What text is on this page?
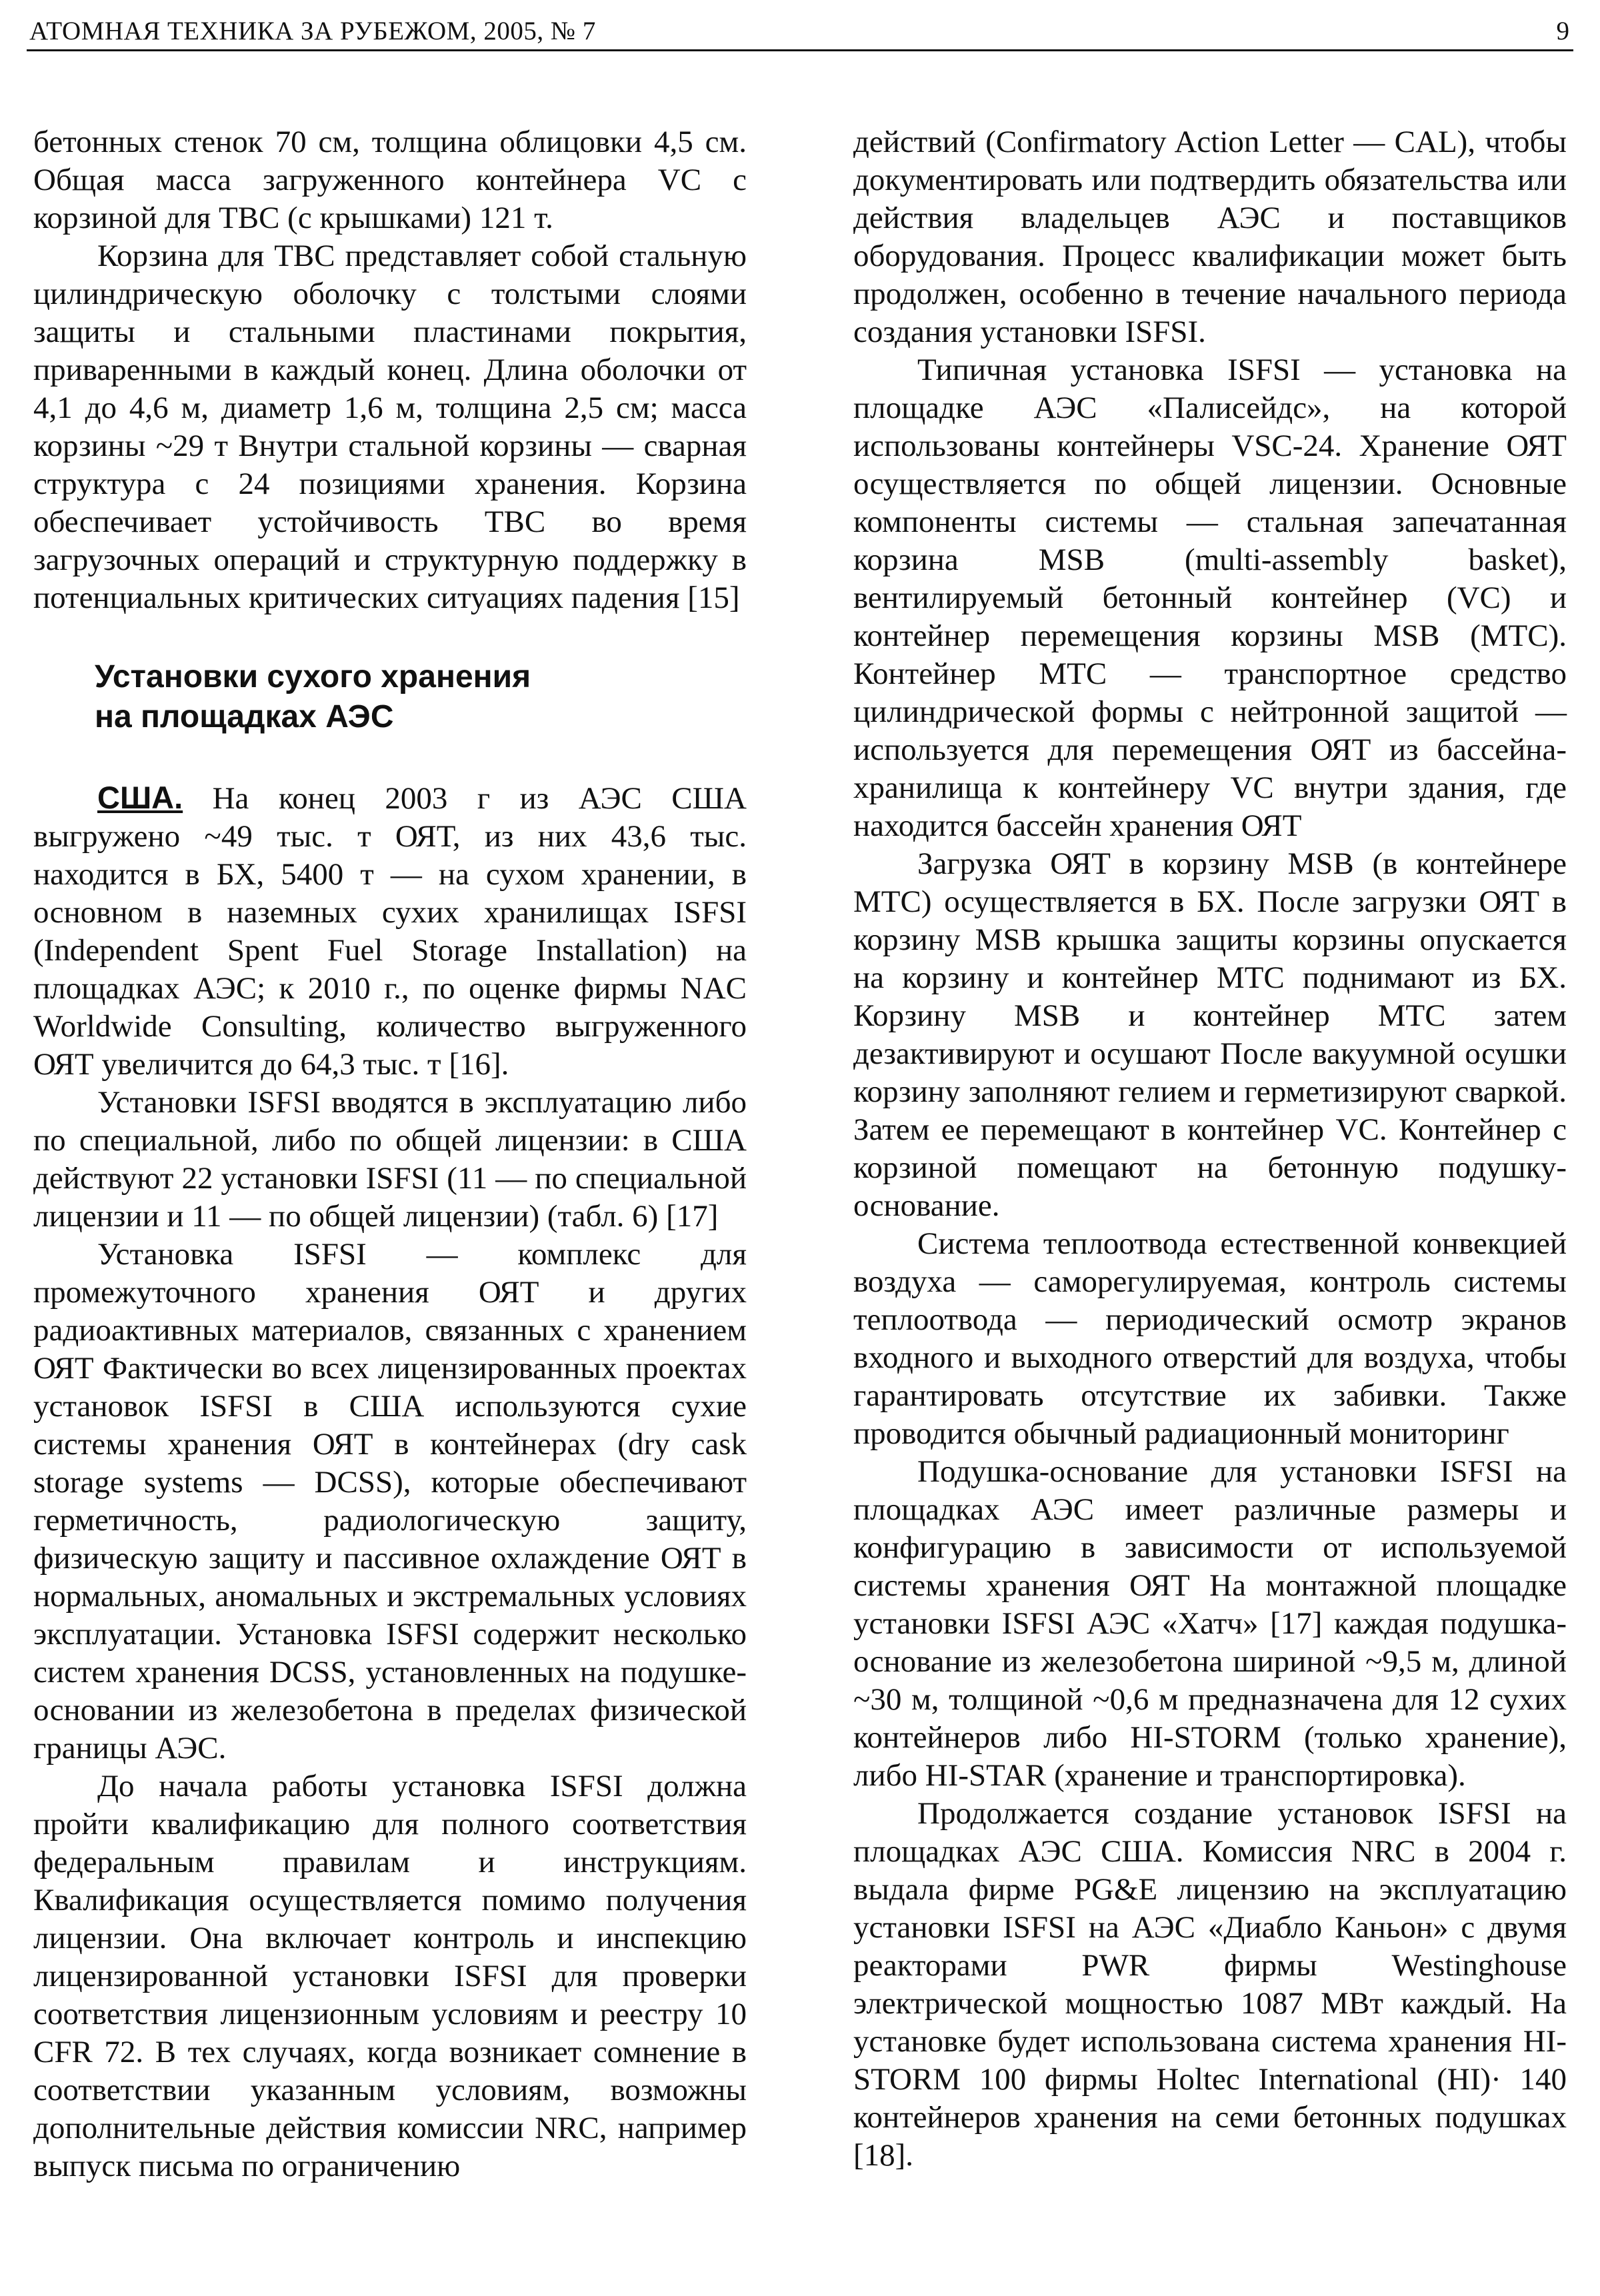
АТОМНАЯ ТЕХНИКА ЗА РУБЕЖОМ, 2005, № 7	9

бетонных стенок 70 см, толщина облицовки 4,5 см. Общая масса загруженного контейнера VC с корзиной для ТВС (с крышками) 121 т.

Корзина для ТВС представляет собой стальную цилиндрическую оболочку с толстыми слоями защиты и стальными пластинами покрытия, приваренными в каждый конец. Длина оболочки от 4,1 до 4,6 м, диаметр 1,6 м, толщина 2,5 см; масса корзины ~29 т Внутри стальной корзины — сварная структура с 24 позициями хранения. Корзина обеспечивает устойчивость ТВС во время загрузочных операций и структурную поддержку в потенциальных критических ситуациях падения [15]

Установки сухого хранения
на площадках АЭС

США. На конец 2003 г из АЭС США выгружено ~49 тыс. т ОЯТ, из них 43,6 тыс. находится в БХ, 5400 т — на сухом хранении, в основном в наземных сухих хранилищах ISFSI (Independent Spent Fuel Storage Installation) на площадках АЭС; к 2010 г., по оценке фирмы NAC Worldwide Consulting, количество выгруженного ОЯТ увеличится до 64,3 тыс. т [16].

Установки ISFSI вводятся в эксплуатацию либо по специальной, либо по общей лицензии: в США действуют 22 установки ISFSI (11 — по специальной лицензии и 11 — по общей лицензии) (табл. 6) [17]

Установка ISFSI — комплекс для промежуточного хранения ОЯТ и других радиоактивных материалов, связанных с хранением ОЯТ Фактически во всех лицензированных проектах установок ISFSI в США используются сухие системы хранения ОЯТ в контейнерах (dry cask storage systems — DCSS), которые обеспечивают герметичность, радиологическую защиту, физическую защиту и пассивное охлаждение ОЯТ в нормальных, аномальных и экстремальных условиях эксплуатации. Установка ISFSI содержит несколько систем хранения DCSS, установленных на подушке-основании из железобетона в пределах физической границы АЭС.

До начала работы установка ISFSI должна пройти квалификацию для полного соответствия федеральным правилам и инструкциям. Квалификация осуществляется помимо получения лицензии. Она включает контроль и инспекцию лицензированной установки ISFSI для проверки соответствия лицензионным условиям и реестру 10 CFR 72. В тех случаях, когда возникает сомнение в соответствии указанным условиям, возможны дополнительные действия комиссии NRC, например выпуск письма по ограничению

действий (Confirmatory Action Letter — CAL), чтобы документировать или подтвердить обязательства или действия владельцев АЭС и поставщиков оборудования. Процесс квалификации может быть продолжен, особенно в течение начального периода создания установки ISFSI.

Типичная установка ISFSI — установка на площадке АЭС «Палисейдс», на которой использованы контейнеры VSC-24. Хранение ОЯТ осуществляется по общей лицензии. Основные компоненты системы — стальная запечатанная корзина MSB (multi-assembly basket), вентилируемый бетонный контейнер (VC) и контейнер перемещения корзины MSB (MTC). Контейнер MTC — транспортное средство цилиндрической формы с нейтронной защитой — используется для перемещения ОЯТ из бассейна-хранилища к контейнеру VC внутри здания, где находится бассейн хранения ОЯТ

Загрузка ОЯТ в корзину MSB (в контейнере MTC) осуществляется в БХ. После загрузки ОЯТ в корзину MSB крышка защиты корзины опускается на корзину и контейнер MTC поднимают из БХ. Корзину MSB и контейнер MTC затем дезактивируют и осушают После вакуумной осушки корзину заполняют гелием и герметизируют сваркой. Затем ее перемещают в контейнер VC. Контейнер с корзиной помещают на бетонную подушку-основание.

Система теплоотвода естественной конвекцией воздуха — саморегулируемая, контроль системы теплоотвода — периодический осмотр экранов входного и выходного отверстий для воздуха, чтобы гарантировать отсутствие их забивки. Также проводится обычный радиационный мониторинг

Подушка-основание для установки ISFSI на площадках АЭС имеет различные размеры и конфигурацию в зависимости от используемой системы хранения ОЯТ На монтажной площадке установки ISFSI АЭС «Хатч» [17] каждая подушка-основание из железобетона шириной ~9,5 м, длиной ~30 м, толщиной ~0,6 м предназначена для 12 сухих контейнеров либо HI-STORM (только хранение), либо HI-STAR (хранение и транспортировка).

Продолжается создание установок ISFSI на площадках АЭС США. Комиссия NRC в 2004 г. выдала фирме PG&E лицензию на эксплуатацию установки ISFSI на АЭС «Диабло Каньон» с двумя реакторами PWR фирмы Westinghouse электрической мощностью 1087 МВт каждый. На установке будет использована система хранения HI-STORM 100 фирмы Holtec International (HI)· 140 контейнеров хранения на семи бетонных подушках [18].
